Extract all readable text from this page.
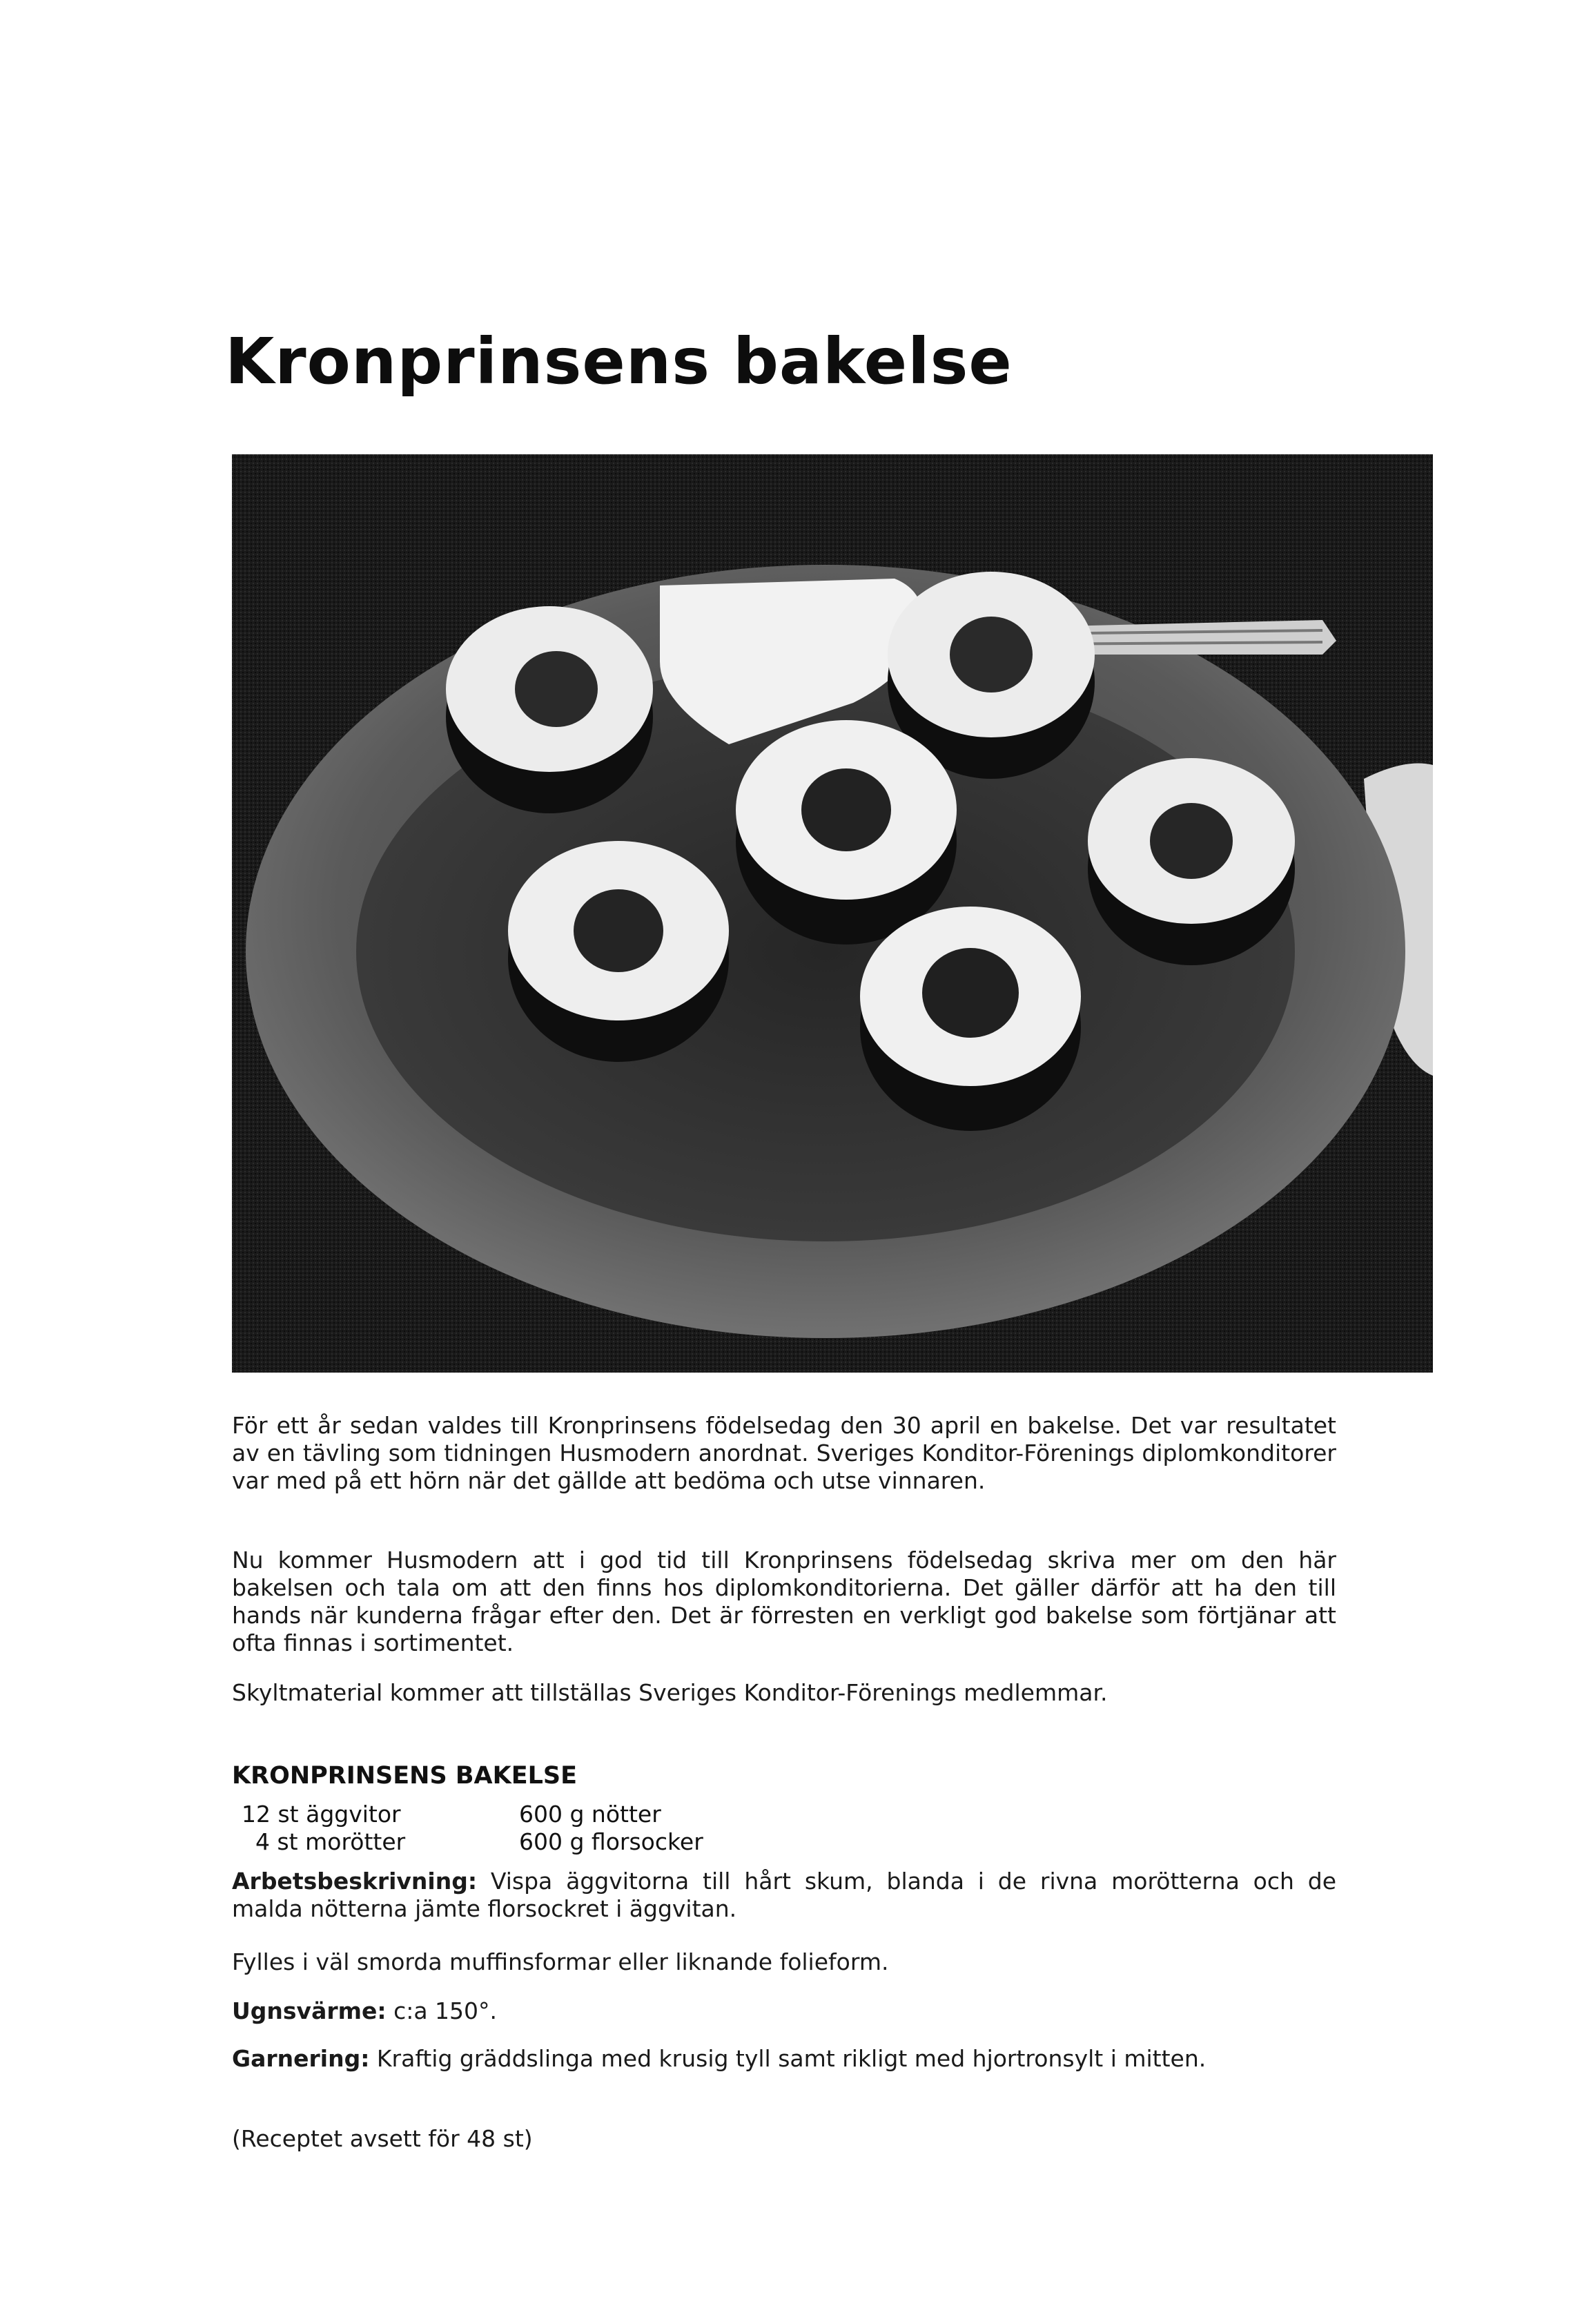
Kronprinsens bakelse

För ett år sedan valdes till Kronprinsens födelsedag den 30 april en bakelse. Det var resultatet av en tävling som tidningen Husmodern anordnat. Sveriges Konditor-Förenings diplomkonditorer var med på ett hörn när det gällde att bedöma och utse vinnaren.

Nu kommer Husmodern att i god tid till Kronprinsens födelsedag skriva mer om den här bakelsen och tala om att den finns hos diplomkonditorierna. Det gäller därför att ha den till hands när kunderna frågar efter den. Det är förresten en verkligt god bakelse som förtjänar att ofta finnas i sortimentet.

Skyltmaterial kommer att tillställas Sveriges Konditor-Förenings medlemmar.

KRONPRINSENS BAKELSE
12 st äggvitor
4 st morötter
600 g nötter
600 g florsocker

Arbetsbeskrivning: Vispa äggvitorna till hårt skum, blanda i de rivna morötterna och de malda nötterna jämte florsockret i äggvitan.

Fylles i väl smorda muffinsformar eller liknande folieform.

Ugnsvärme: c:a 150°.

Garnering: Kraftig gräddslinga med krusig tyll samt rikligt med hjortronsylt i mitten.

(Receptet avsett för 48 st)
